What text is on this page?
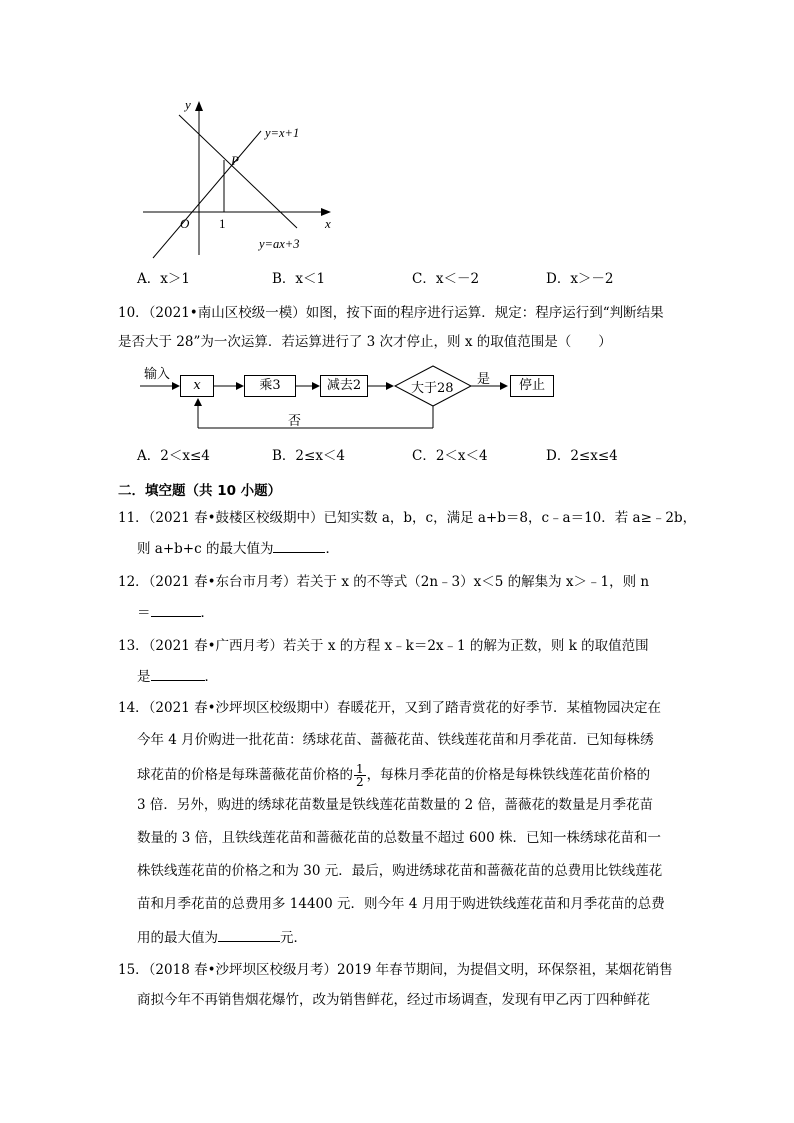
y
x
O 1
P
y=x+1
y=ax+3
A．x＞1	B．x＜1	C．x＜－2	D．x＞－2
10．（2021•南山区校级一模）如图，按下面的程序进行运算．规定：程序运行到“判断结果
是否大于 28”为一次运算．若运算进行了 3 次才停止，则 x 的取值范围是（　　）
输入
x	乘3	减去2	大于28
是	停止
否
A．2＜x≤4	B．2≤x＜4	C．2＜x＜4	D．2≤x≤4
二．填空题（共 10 小题）
11．（2021 春•鼓楼区校级期中）已知实数 a，b，c，满足 a+b＝8，c﹣a＝10．若 a≥﹣2b，
则 a+b+c 的最大值为	．
12．（2021 春•东台市月考）若关于 x 的不等式（2n﹣3）x＜5 的解集为 x＞﹣1，则 n
＝	．
13．（2021 春•广西月考）若关于 x 的方程 x﹣k＝2x﹣1 的解为正数，则 k 的取值范围
是	．
14．（2021 春•沙坪坝区校级期中）春暖花开，又到了踏青赏花的好季节．某植物园决定在
今年 4 月价购进一批花苗：绣球花苗、蔷薇花苗、铁线莲花苗和月季花苗．已知每株绣
球花苗的价格是每珠蔷薇花苗价格的 $\frac{1}{2}$ ，每株月季花苗的价格是每株铁线莲花苗价格的
3 倍．另外，购进的绣球花苗数量是铁线莲花苗数量的 2 倍，蔷薇花的数量是月季花苗
数量的 3 倍，且铁线莲花苗和蔷薇花苗的总数量不超过 600 株．已知一株绣球花苗和一
株铁线莲花苗的价格之和为 30 元．最后，购进绣球花苗和蔷薇花苗的总费用比铁线莲花
苗和月季花苗的总费用多 14400 元．则今年 4 月用于购进铁线莲花苗和月季花苗的总费
用的最大值为	元．
15．（2018 春•沙坪坝区校级月考）2019 年春节期间，为提倡文明，环保祭祖，某烟花销售
商拟今年不再销售烟花爆竹，改为销售鲜花，经过市场调查，发现有甲乙丙丁四种鲜花
